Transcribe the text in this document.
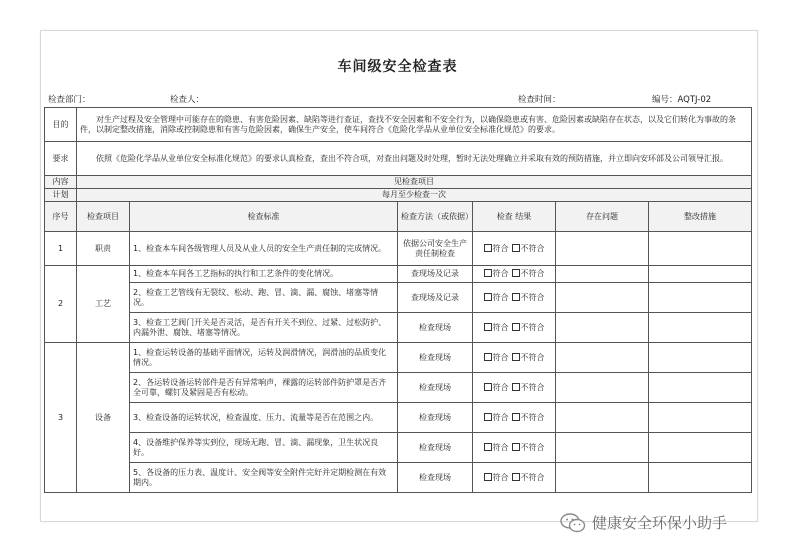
车间级安全检查表
检查部门：	检查人：	检查时间：	编号：AQTJ-02
目的	对生产过程及安全管理中可能存在的隐患、有害危险因素、缺陷等进行查证，查找不安全因素和不安全行为，以确保隐患或有害、危险因素或缺陷存在状态，以及它们转化为事故的条件，以制定整改措施，消除或控制隐患和有害与危险因素，确保生产安全，使车间符合《危险化学品从业单位安全标准化规范》的要求。					
要求	依照《危险化学品从业单位安全标准化规范》的要求认真检查，查出不符合项，对查出问题及时处理，暂时无法处理确立并采取有效的预防措施，并立即向安环部及公司领导汇报。					
内容	见检查项目					
计划	每月至少检查一次					
序号	检查项目	检查标准	检查方法（或依据）	检查 结果	存在问题	整改措施
1	职责	1、检查本车间各级管理人员及从业人员的安全生产责任制的完成情况。	依据公司安全生产责任制检查	符合 不符合		
2	工艺	1、检查本车间各工艺指标的执行和工艺条件的变化情况。	查现场及记录	符合 不符合		
		2、检查工艺管线有无裂纹、松动、跑、冒、滴、漏、腐蚀、堵塞等情况。	查现场及记录	符合 不符合		
		3、检查工艺阀门开关是否灵活，是否有开关不到位、过紧、过松防护、内漏外泄、腐蚀、堵塞等情况。	检查现场	符合 不符合		
3	设备	1、检查运转设备的基础平面情况，运转及润滑情况，润滑油的品质变化情况。	检查现场	符合 不符合		
		2、各运转设备运转部件是否有异常响声，裸露的运转部件防护罩是否齐全可靠，螺钉及紧固是否有松动。	检查现场	符合 不符合		
		3、检查设备的运转状况，检查温度、压力、流量等是否在范围之内。	检查现场	符合 不符合		
		4、设备维护保养等实到位，现场无跑、冒、滴、漏现象，卫生状况良好。	检查现场	符合 不符合		
		5、各设备的压力表、温度计、安全阀等安全附件完好并定期检测在有效期内。	检查现场	符合 不符合		
健康安全环保小助手
